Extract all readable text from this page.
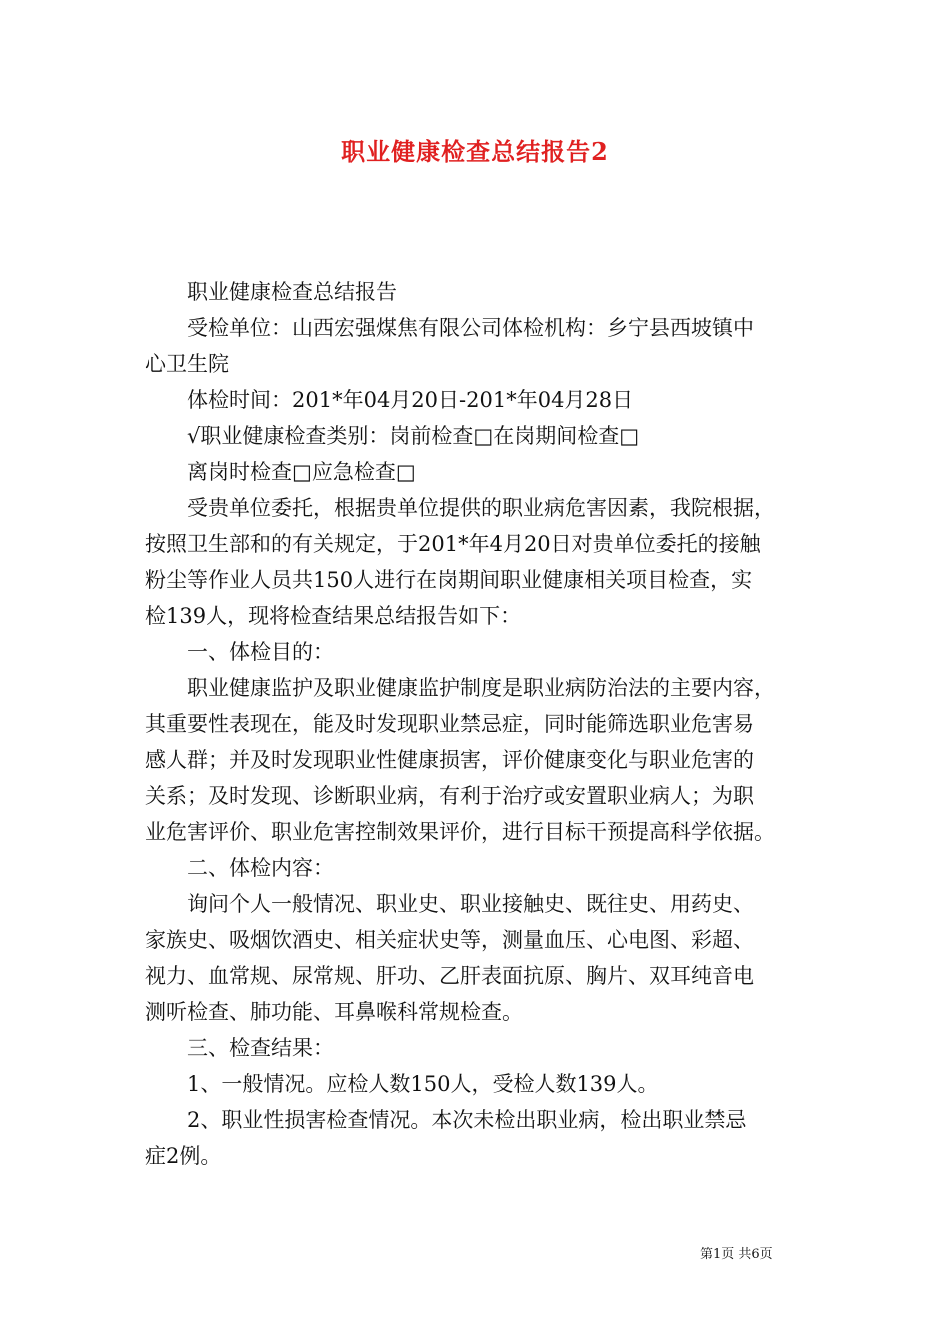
职业健康检查总结报告2

职业健康检查总结报告

受检单位：山西宏强煤焦有限公司体检机构：乡宁县西坡镇中
心卫生院

体检时间：201*年04月20日-201*年04月28日

√职业健康检查类别：岗前检查□在岗期间检查□

离岗时检查□应急检查□

受贵单位委托，根据贵单位提供的职业病危害因素，我院根据，
按照卫生部和的有关规定，于201*年4月20日对贵单位委托的接触
粉尘等作业人员共150人进行在岗期间职业健康相关项目检查，实
检139人，现将检查结果总结报告如下：

一、体检目的：

职业健康监护及职业健康监护制度是职业病防治法的主要内容，
其重要性表现在，能及时发现职业禁忌症，同时能筛选职业危害易
感人群；并及时发现职业性健康损害，评价健康变化与职业危害的
关系；及时发现、诊断职业病，有利于治疗或安置职业病人；为职
业危害评价、职业危害控制效果评价，进行目标干预提高科学依据。

二、体检内容：

询问个人一般情况、职业史、职业接触史、既往史、用药史、
家族史、吸烟饮酒史、相关症状史等，测量血压、心电图、彩超、
视力、血常规、尿常规、肝功、乙肝表面抗原、胸片、双耳纯音电
测听检查、肺功能、耳鼻喉科常规检查。

三、检查结果：

1、一般情况。应检人数150人，受检人数139人。

2、职业性损害检查情况。本次未检出职业病，检出职业禁忌
症2例。

第1页 共6页
